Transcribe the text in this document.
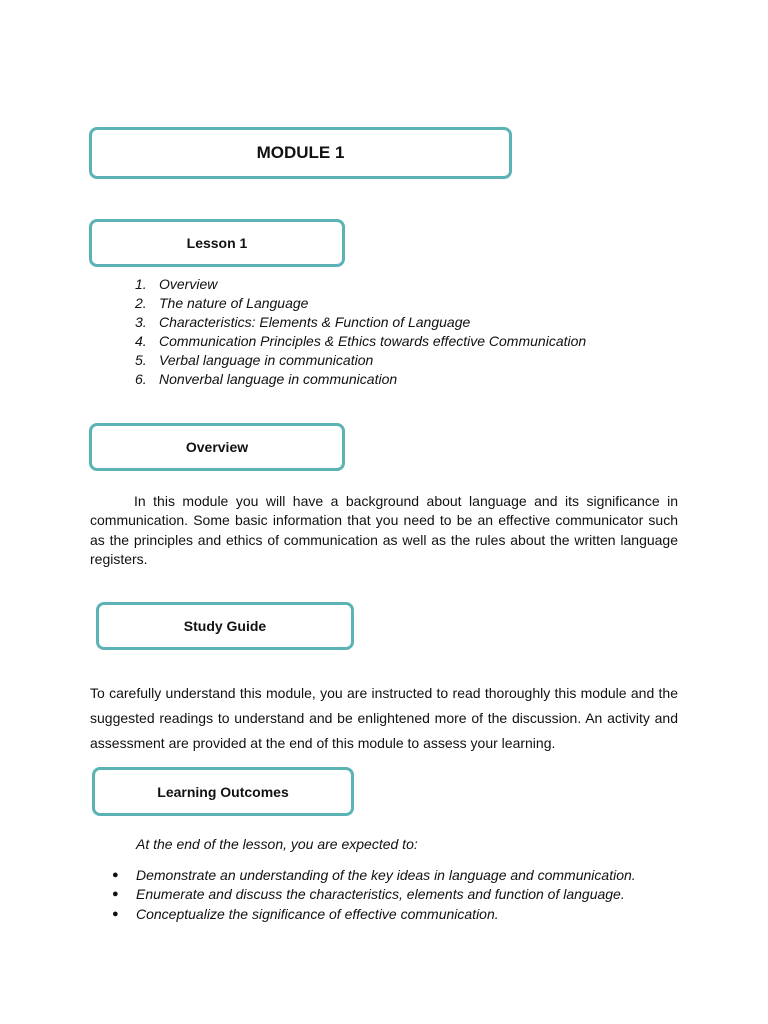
MODULE 1
Lesson 1
1. Overview
2. The nature of Language
3. Characteristics: Elements & Function of Language
4. Communication Principles & Ethics towards effective Communication
5. Verbal language in communication
6. Nonverbal language in communication
Overview

In this module you will have a background about language and its significance in communication. Some basic information that you need to be an effective communicator such as the principles and ethics of communication as well as the rules about the written language registers.

Study Guide

To carefully understand this module, you are instructed to read thoroughly this module and the suggested readings to understand and be enlightened more of the discussion. An activity and assessment are provided at the end of this module to assess your learning.

Learning Outcomes

At the end of the lesson, you are expected to:

●	Demonstrate an understanding of the key ideas in language and communication.
●	Enumerate and discuss the characteristics, elements and function of language.
●	Conceptualize the significance of effective communication.
